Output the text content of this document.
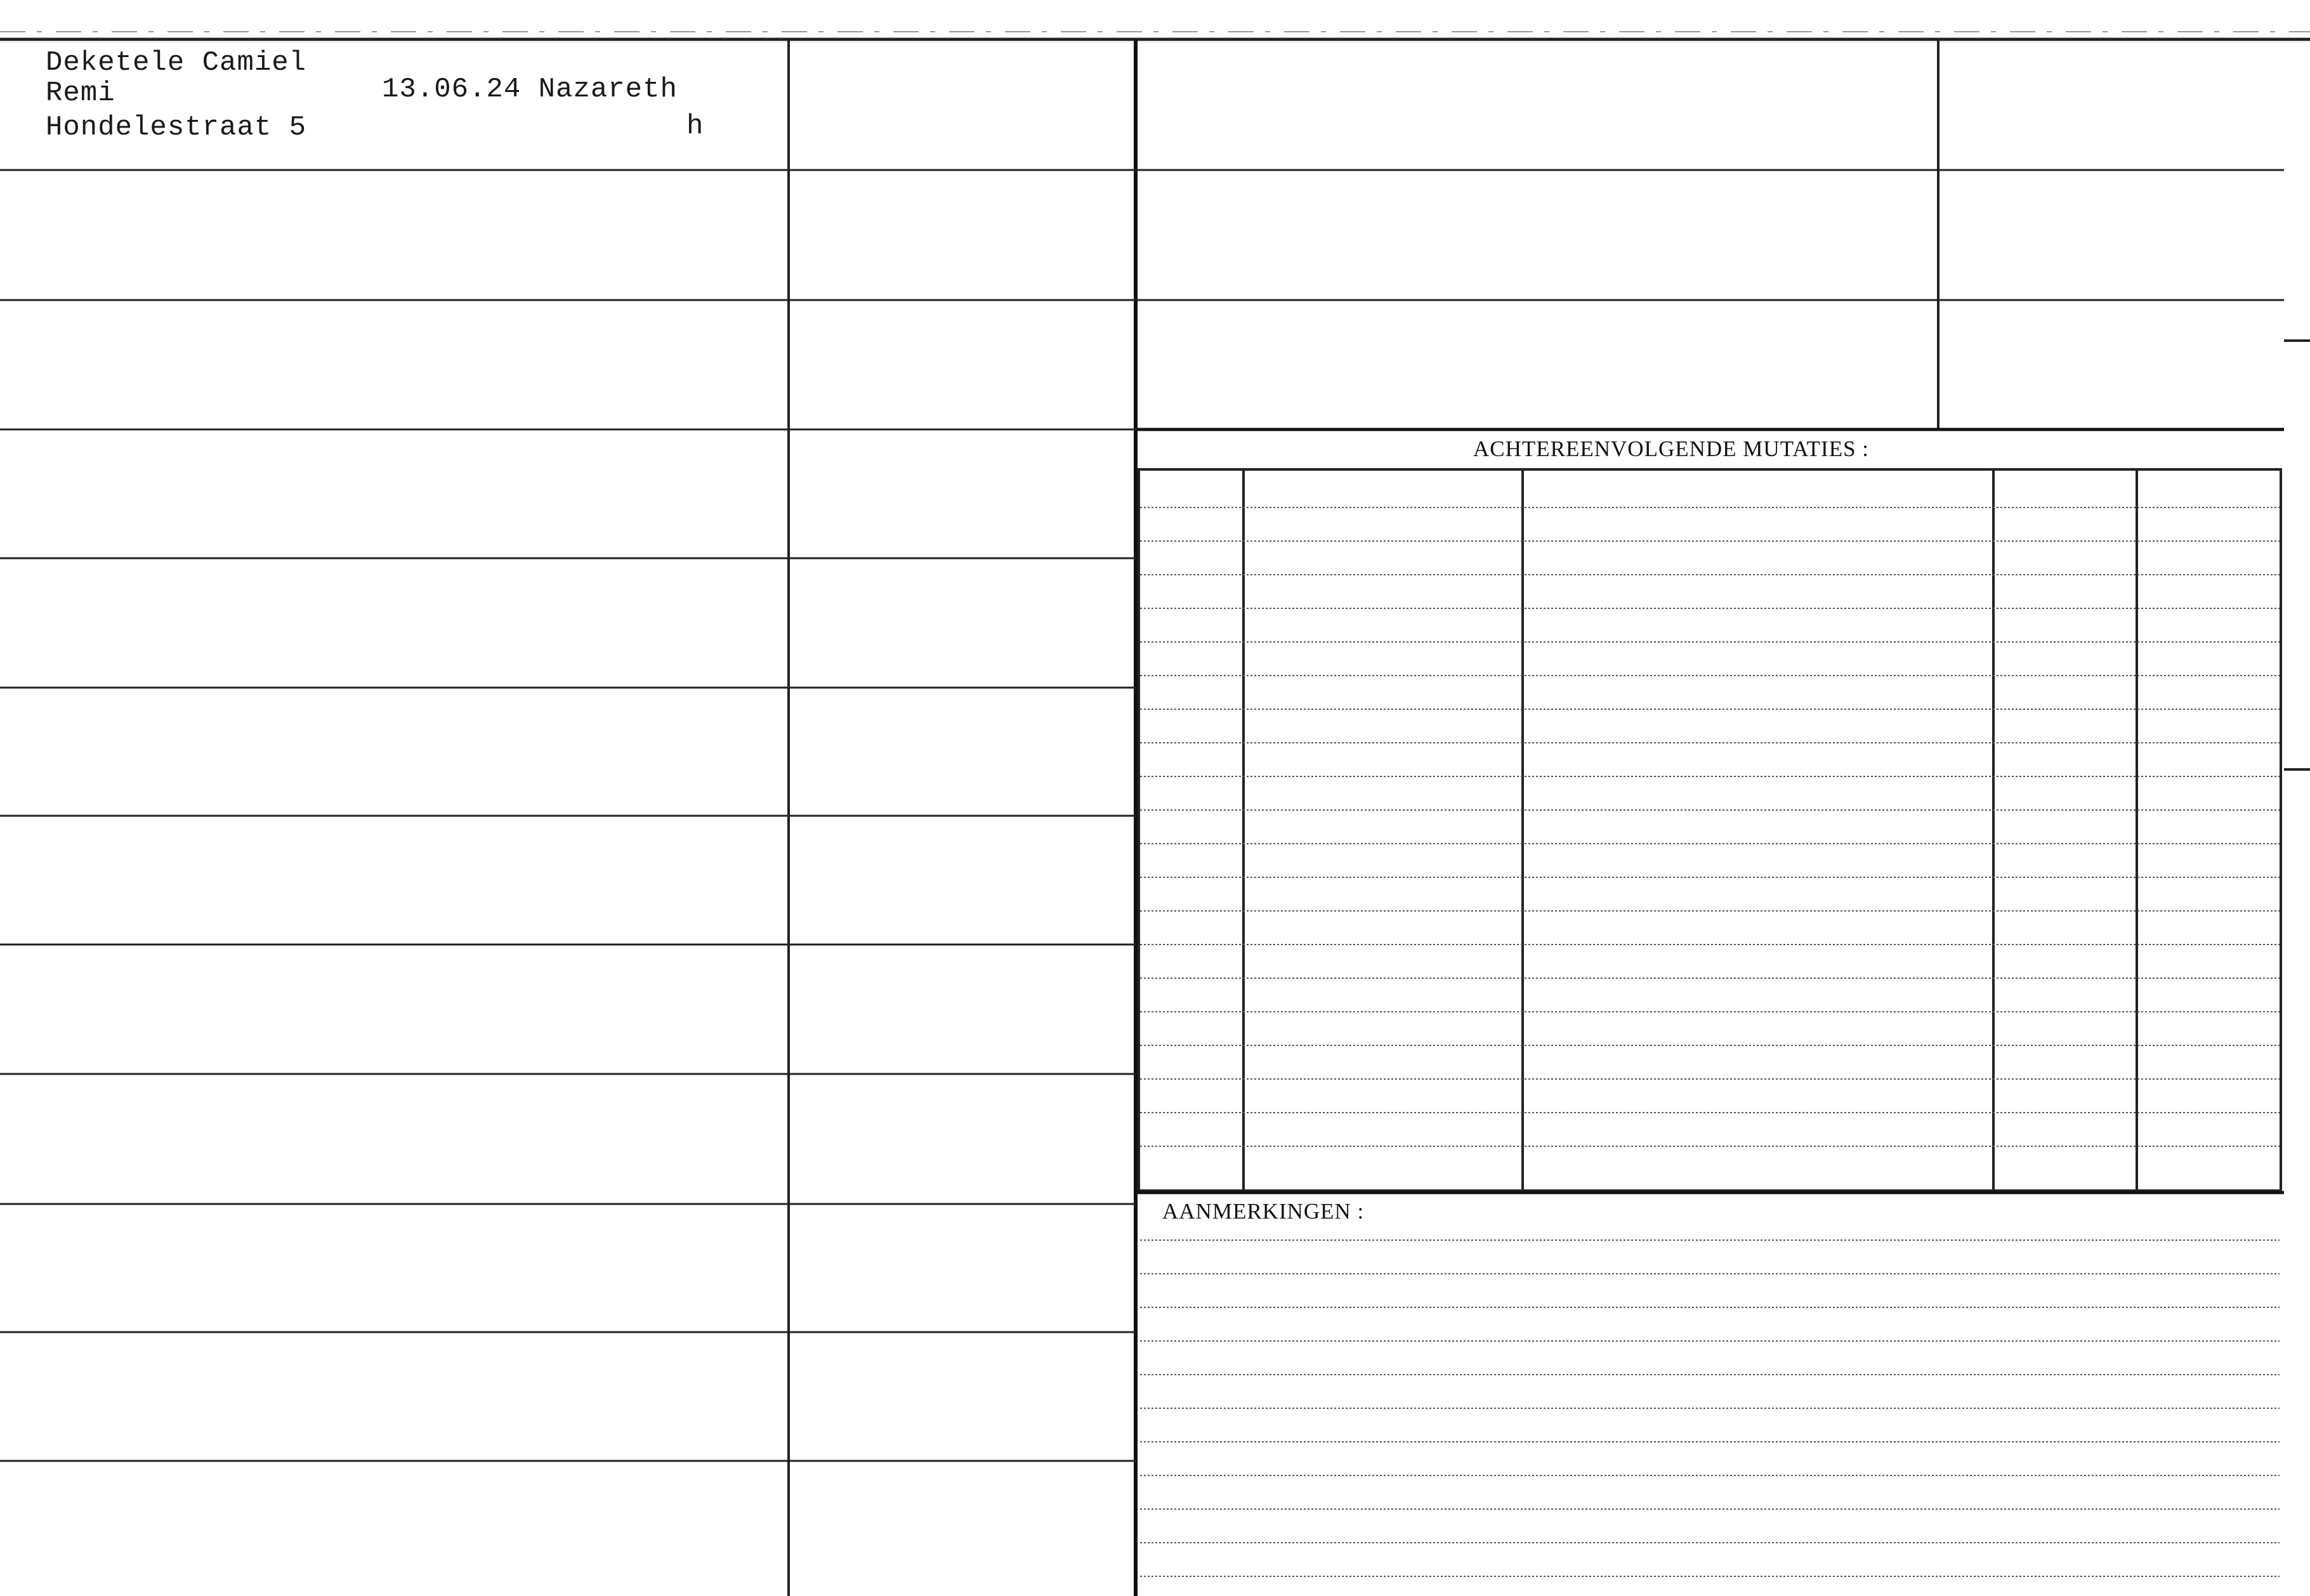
Deketele Camiel
Remi
Hondelestraat 5
13.06.24 Nazareth
h
ACHTEREENVOLGENDE MUTATIES :
AANMERKINGEN :
